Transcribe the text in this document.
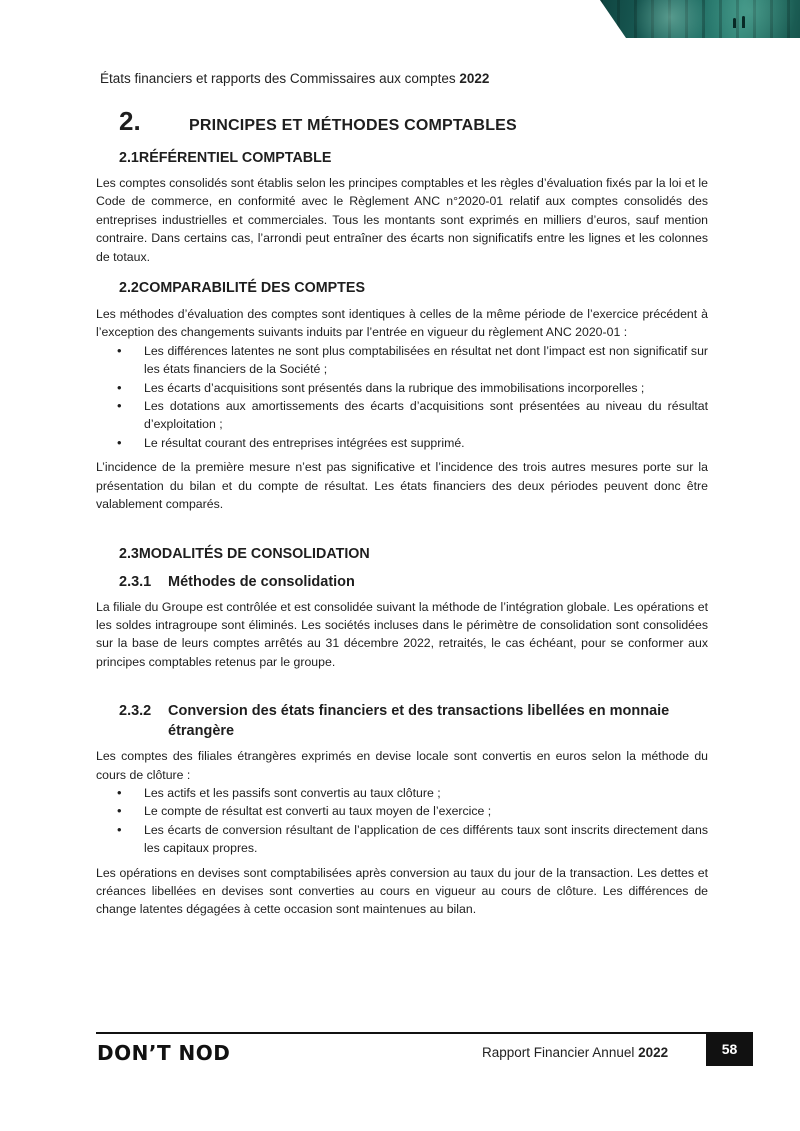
États financiers et rapports des Commissaires aux comptes 2022
2.	PRINCIPES ET MÉTHODES COMPTABLES
2.1RÉFÉRENTIEL COMPTABLE

Les comptes consolidés sont établis selon les principes comptables et les règles d’évaluation fixés par la loi et le Code de commerce, en conformité avec le Règlement ANC n°2020-01 relatif aux comptes consolidés des entreprises industrielles et commerciales. Tous les montants sont exprimés en milliers d’euros, sauf mention contraire. Dans certains cas, l’arrondi peut entraîner des écarts non significatifs entre les lignes et les colonnes de totaux.

2.2COMPARABILITÉ DES COMPTES

Les méthodes d’évaluation des comptes sont identiques à celles de la même période de l’exercice précédent à l’exception des changements suivants induits par l’entrée en vigueur du règlement ANC 2020-01 :

• Les différences latentes ne sont plus comptabilisées en résultat net dont l’impact est non significatif sur les états financiers de la Société ;
• Les écarts d’acquisitions sont présentés dans la rubrique des immobilisations incorporelles ;
• Les dotations aux amortissements des écarts d’acquisitions sont présentées au niveau du résultat d’exploitation ;
• Le résultat courant des entreprises intégrées est supprimé.

L’incidence de la première mesure n’est pas significative et l’incidence des trois autres mesures porte sur la présentation du bilan et du compte de résultat. Les états financiers des deux périodes peuvent donc être valablement comparés.

2.3MODALITÉS DE CONSOLIDATION
2.3.1	Méthodes de consolidation

La filiale du Groupe est contrôlée et est consolidée suivant la méthode de l’intégration globale. Les opérations et les soldes intragroupe sont éliminés. Les sociétés incluses dans le périmètre de consolidation sont consolidées sur la base de leurs comptes arrêtés au 31 décembre 2022, retraités, le cas échéant, pour se conformer aux principes comptables retenus par le groupe.

2.3.2	Conversion des états financiers et des transactions libellées en monnaie
étrangère

Les comptes des filiales étrangères exprimés en devise locale sont convertis en euros selon la méthode du cours de clôture :

• Les actifs et les passifs sont convertis au taux clôture ;
• Le compte de résultat est converti au taux moyen de l’exercice ;
• Les écarts de conversion résultant de l’application de ces différents taux sont inscrits directement dans les capitaux propres.

Les opérations en devises sont comptabilisées après conversion au taux du jour de la transaction. Les dettes et créances libellées en devises sont converties au cours en vigueur au cours de clôture. Les différences de change latentes dégagées à cette occasion sont maintenues au bilan.

DON’T NOD	Rapport Financier Annuel 2022	58
